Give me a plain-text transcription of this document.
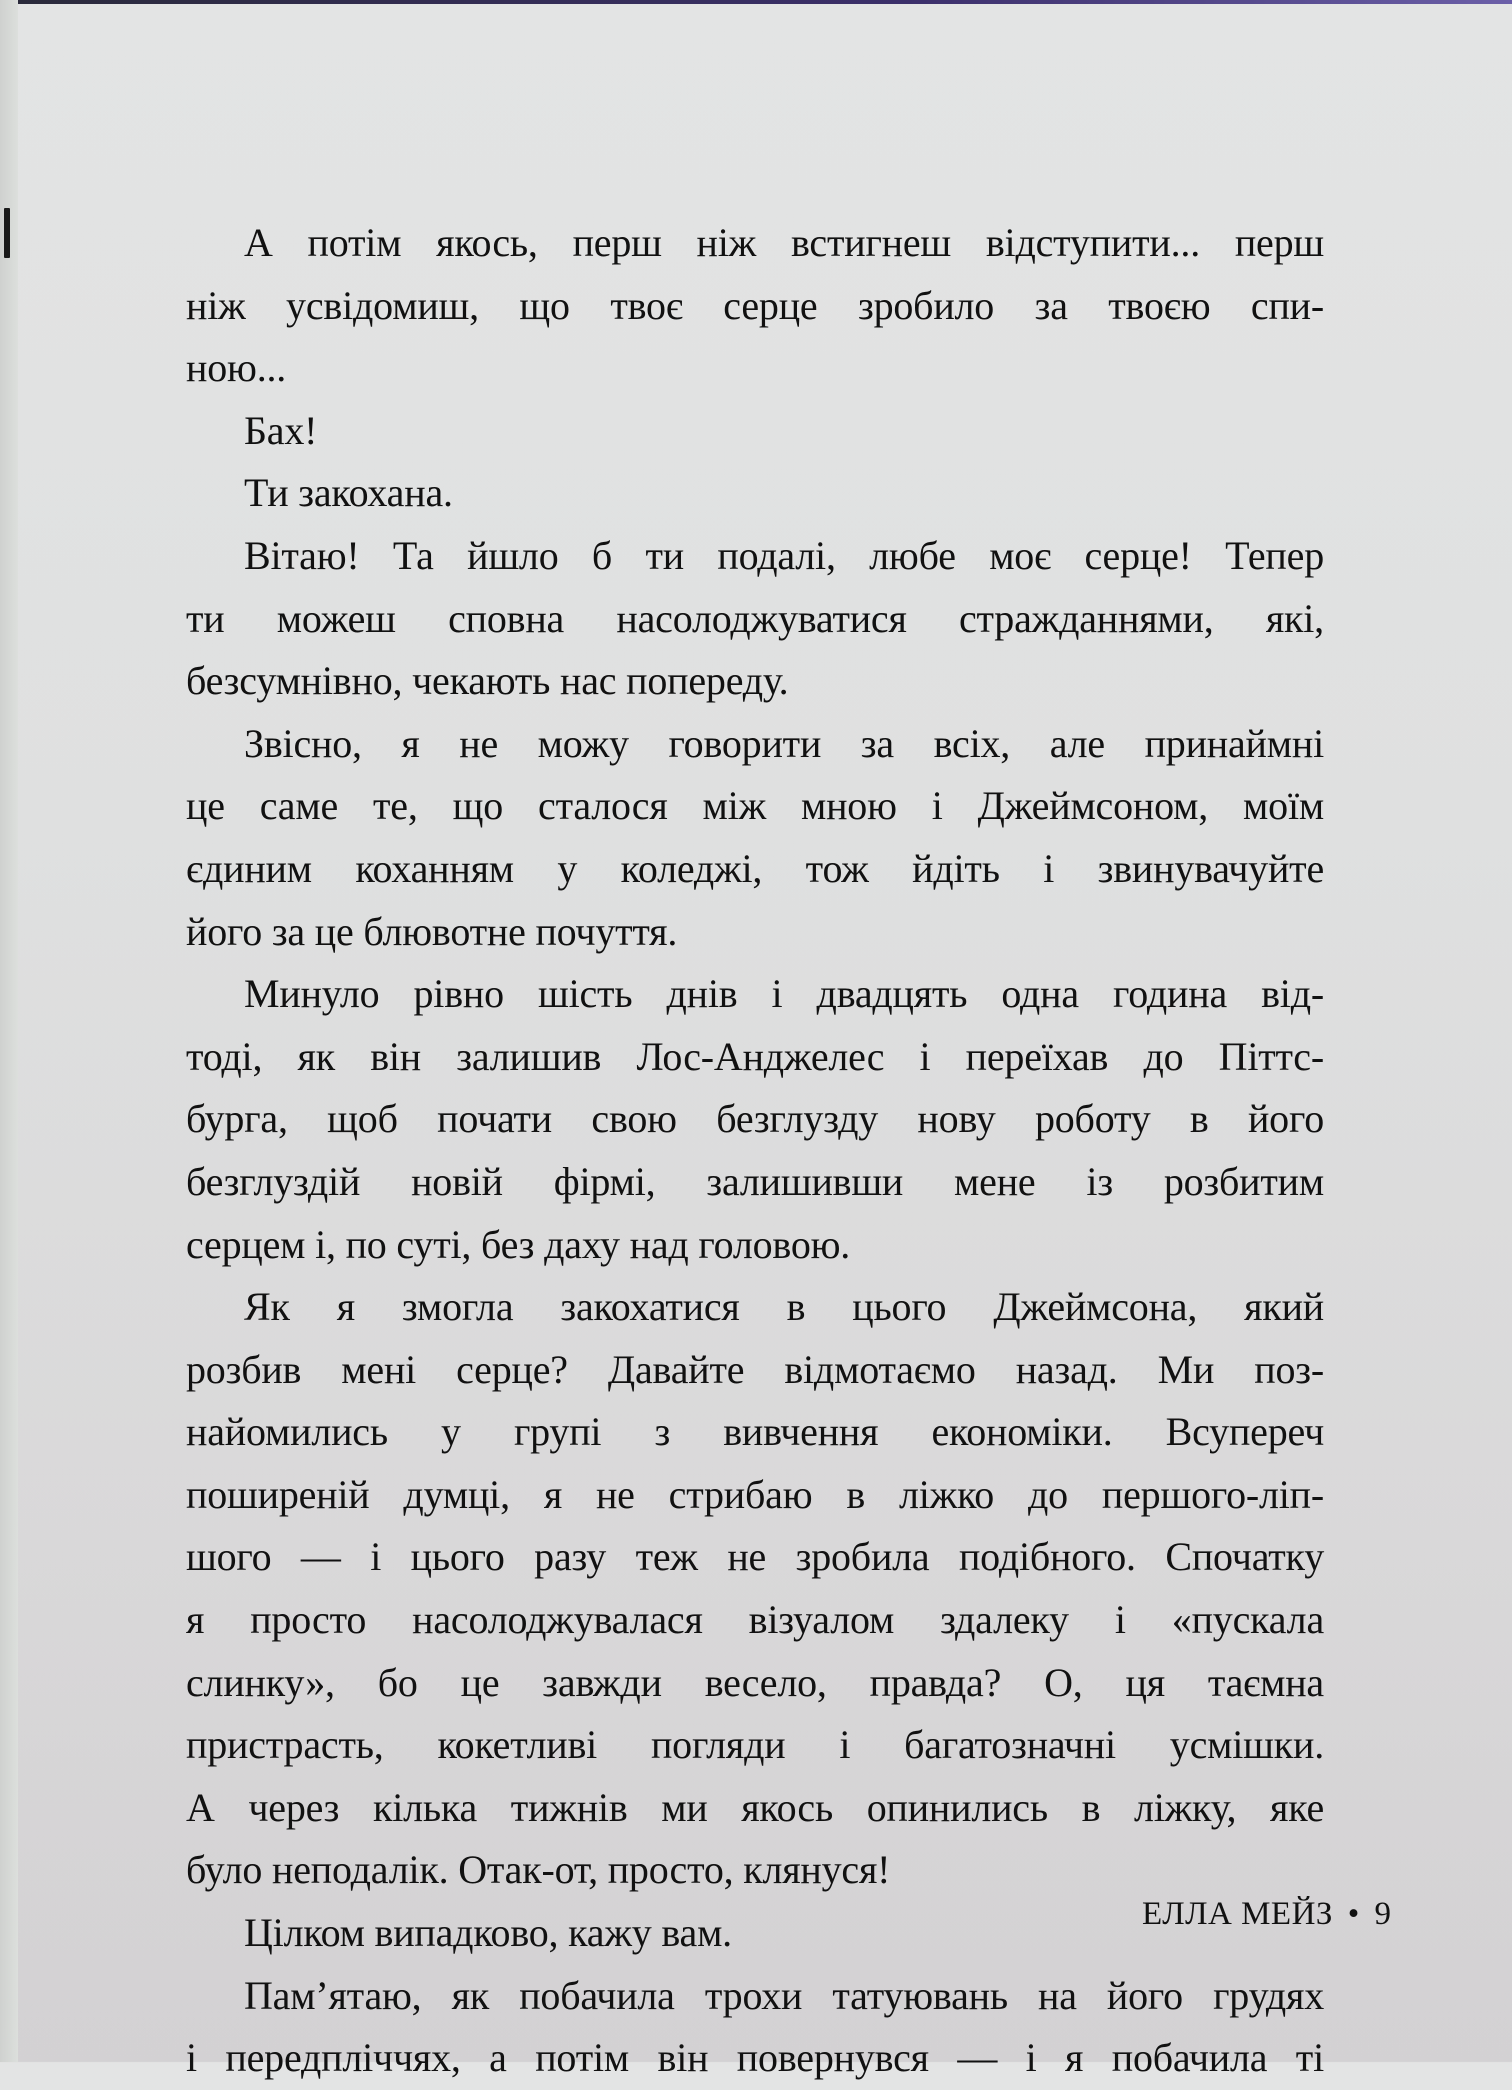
А потім якось, перш ніж встигнеш відступити... перш
ніж усвідомиш, що твоє серце зробило за твоєю спи-
ною...
Бах!
Ти закохана.
Вітаю! Та йшло б ти подалі, любе моє серце! Тепер
ти можеш сповна насолоджуватися стражданнями, які,
безсумнівно, чекають нас попереду.
Звісно, я не можу говорити за всіх, але принаймні
це саме те, що сталося між мною і Джеймсоном, моїм
єдиним коханням у коледжі, тож йдіть і звинувачуйте
його за це блювотне почуття.
Минуло рівно шість днів і двадцять одна година від-
тоді, як він залишив Лос-Анджелес і переїхав до Піттс-
бурга, щоб почати свою безглузду нову роботу в його
безглуздій новій фірмі, залишивши мене із розбитим
серцем і, по суті, без даху над головою.
Як я змогла закохатися в цього Джеймсона, який
розбив мені серце? Давайте відмотаємо назад. Ми поз-
найомились у групі з вивчення економіки. Всупереч
поширеній думці, я не стрибаю в ліжко до першого-ліп-
шого — і цього разу теж не зробила подібного. Спочатку
я просто насолоджувалася візуалом здалеку і «пускала
слинку», бо це завжди весело, правда? О, ця таємна
пристрасть, кокетливі погляди і багатозначні усмішки.
А через кілька тижнів ми якось опинились в ліжку, яке
було неподалік. Отак-от, просто, клянуся!
Цілком випадково, кажу вам.
Пам’ятаю, як побачила трохи татуювань на його грудях
і передпліччях, а потім він повернувся — і я побачила ті
ЕЛЛА МЕЙЗ • 9
